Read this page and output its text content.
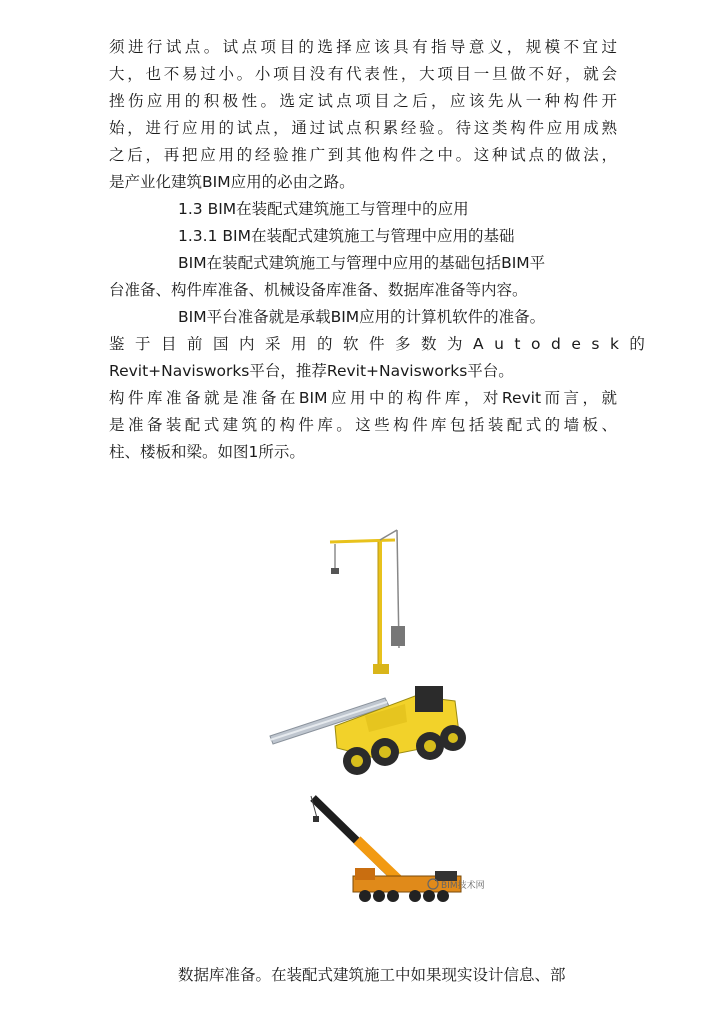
须进行试点。试点项目的选择应该具有指导意义，规模不宜过
大，也不易过小。小项目没有代表性，大项目一旦做不好，就会
挫伤应用的积极性。选定试点项目之后，应该先从一种构件开
始，进行应用的试点，通过试点积累经验。待这类构件应用成熟
之后，再把应用的经验推广到其他构件之中。这种试点的做法，
是产业化建筑BIM应用的必由之路。
1.3 BIM在装配式建筑施工与管理中的应用
1.3.1 BIM在装配式建筑施工与管理中应用的基础
BIM在装配式建筑施工与管理中应用的基础包括BIM平
台准备、构件库准备、机械设备库准备、数据库准备等内容。
BIM平台准备就是承载BIM应用的计算机软件的准备。
鉴于目前国内采用的软件多数为Autodesk的
Revit+Navisworks平台，推荐Revit+Navisworks平台。
构件库准备就是准备在BIM应用中的构件库，对Revit而言，就
是准备装配式建筑的构件库。这些构件库包括装配式的墙板、
柱、楼板和梁。如图1所示。
BIM技术网
数据库准备。在装配式建筑施工中如果现实设计信息、部
